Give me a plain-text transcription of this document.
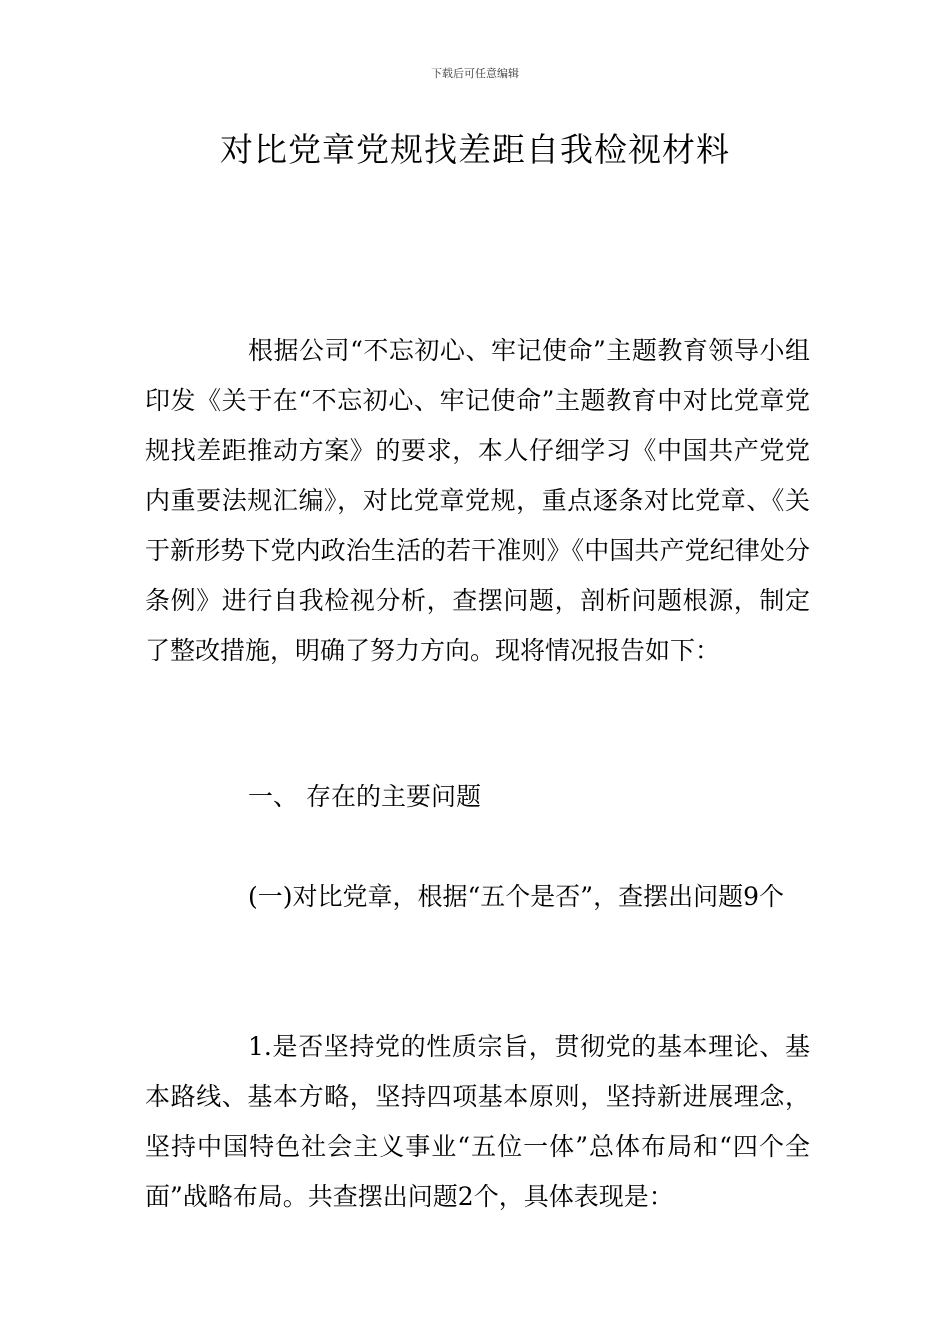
下载后可任意编辑
对比党章党规找差距自我检视材料

根据公司“不忘初心、牢记使命”主题教育领导小组印发《关于在“不忘初心、牢记使命”主题教育中对比党章党规找差距推动方案》的要求，本人仔细学习《中国共产党党内重要法规汇编》，对比党章党规，重点逐条对比党章、《关于新形势下党内政治生活的若干准则》《中国共产党纪律处分条例》进行自我检视分析，查摆问题，剖析问题根源，制定了整改措施，明确了努力方向。现将情况报告如下：

一、 存在的主要问题

(一)对比党章，根据“五个是否”，查摆出问题9个

1.是否坚持党的性质宗旨，贯彻党的基本理论、基本路线、基本方略，坚持四项基本原则，坚持新进展理念，坚持中国特色社会主义事业“五位一体”总体布局和“四个全面”战略布局。共查摆出问题2个，具体表现是：
